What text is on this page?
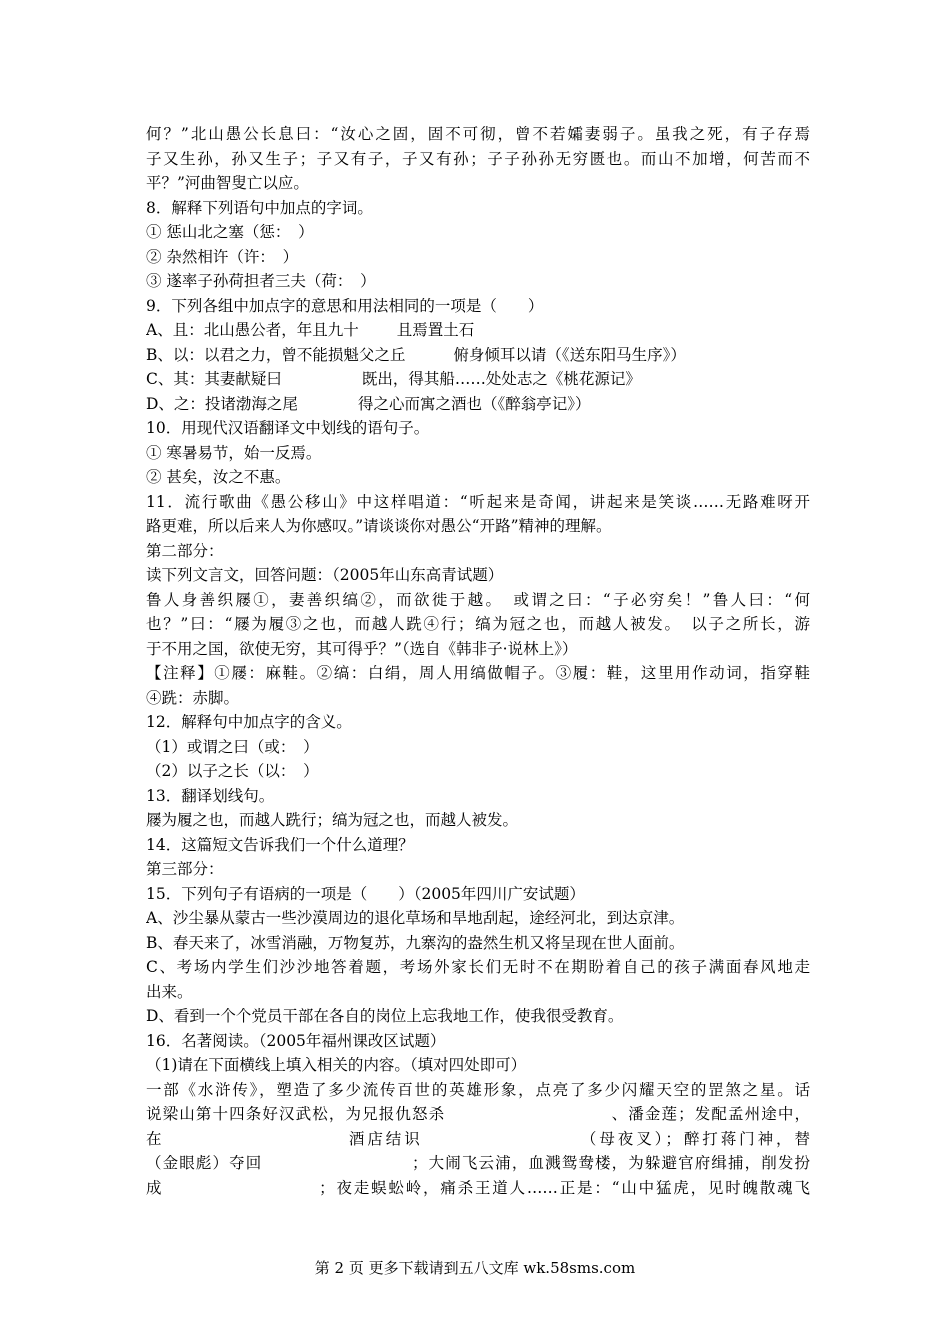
何？”北山愚公长息曰：“汝心之固，固不可彻，曾不若孀妻弱子。虽我之死，有子存焉
子又生孙，孙又生子；子又有子，子又有孙；子子孙孙无穷匮也。而山不加增，何苦而不
平？”河曲智叟亡以应。
8．解释下列语句中加点的字词。
① 惩山北之塞（惩：　）
② 杂然相许（许：　）
③ 遂率子孙荷担者三夫（荷：　）
9．下列各组中加点字的意思和用法相同的一项是（　　）
A、且：北山愚公者，年且九十 且焉置土石
B、以：以君之力，曾不能损魁父之丘	俯身倾耳以请（《送东阳马生序》）
C、其：其妻献疑曰	既出，得其船……处处志之《桃花源记》
D、之：投诸渤海之尾	得之心而寓之酒也（《醉翁亭记》）
10．用现代汉语翻译文中划线的语句子。
① 寒暑易节，始一反焉。
② 甚矣，汝之不惠。
11．流行歌曲《愚公移山》中这样唱道：“听起来是奇闻，讲起来是笑谈……无路难呀开
路更难，所以后来人为你感叹。”请谈谈你对愚公“开路”精神的理解。
第二部分：
读下列文言文，回答问题：（2005年山东高青试题）
鲁人身善织屦①，妻善织缟②，而欲徙于越。　或谓之曰：“子必穷矣！”鲁人曰：“何
也？”曰：“屦为履③之也，而越人跣④行；缟为冠之也，而越人被发。　以子之所长，游
于不用之国，欲使无穷，其可得乎？”（选自《韩非子·说林上》）
【注释】①屦：麻鞋。②缟：白绢，周人用缟做帽子。③履：鞋，这里用作动词，指穿鞋
④跣：赤脚。
12．解释句中加点字的含义。
（1）或谓之曰（或：　）
（2）以子之长（以：　）
13．翻译划线句。
屦为履之也，而越人跣行；缟为冠之也，而越人被发。
14．这篇短文告诉我们一个什么道理？
第三部分：
15．下列句子有语病的一项是（　　）（2005年四川广安试题）
A、沙尘暴从蒙古一些沙漠周边的退化草场和旱地刮起，途经河北，到达京津。
B、春天来了，冰雪消融，万物复苏，九寨沟的盎然生机又将呈现在世人面前。
C、考场内学生们沙沙地答着题，考场外家长们无时不在期盼着自己的孩子满面春风地走
出来。
D、看到一个个党员干部在各自的岗位上忘我地工作，使我很受教育。
16．名著阅读。（2005年福州课改区试题）
（1)请在下面横线上填入相关的内容。（填对四处即可）
一部《水浒传》，塑造了多少流传百世的英雄形象，点亮了多少闪耀天空的罡煞之星。话
说梁山第十四条好汉武松，为兄报仇怒杀　　　　　　　　　　、潘金莲；发配孟州途中，
在　　　　　　　　　　酒店结识　　　　　　　　　（母夜叉）；醉打蒋门神，替
（金眼彪）夺回　　　　　　　　　；大闹飞云浦，血溅鸳鸯楼，为躲避官府缉捕，削发扮
成　　　　　　　　　；夜走蜈蚣岭，痛杀王道人……正是：“山中猛虎，见时魄散魂飞
第 2 页 更多下载请到五八文库 wk.58sms.com
